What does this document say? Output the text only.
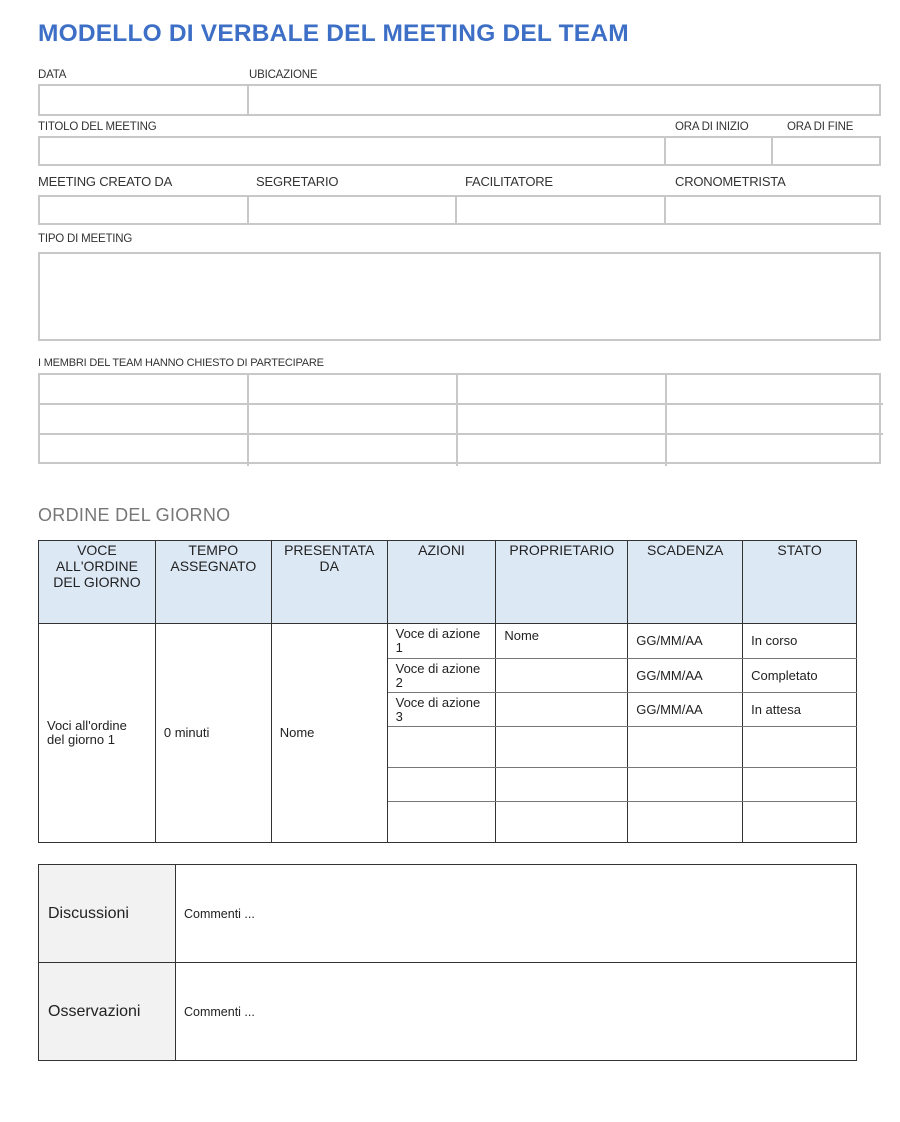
MODELLO DI VERBALE DEL MEETING DEL TEAM
DATA	UBICAZIONE
TITOLO DEL MEETING	ORA DI INIZIO	ORA DI FINE
MEETING CREATO DA	SEGRETARIO	FACILITATORE	CRONOMETRISTA
TIPO DI MEETING
I MEMBRI DEL TEAM HANNO CHIESTO DI PARTECIPARE
ORDINE DEL GIORNO
VOCE ALL'ORDINE DEL GIORNO	TEMPO ASSEGNATO	PRESENTATA DA	AZIONI	PROPRIETARIO	SCADENZA	STATO
Voci all'ordine del giorno 1	0 minuti	Nome	Voce di azione 1	Nome	GG/MM/AA	In corso
			Voce di azione 2		GG/MM/AA	Completato
			Voce di azione 3		GG/MM/AA	In attesa

Discussioni	Commenti ...
Osservazioni	Commenti ...
